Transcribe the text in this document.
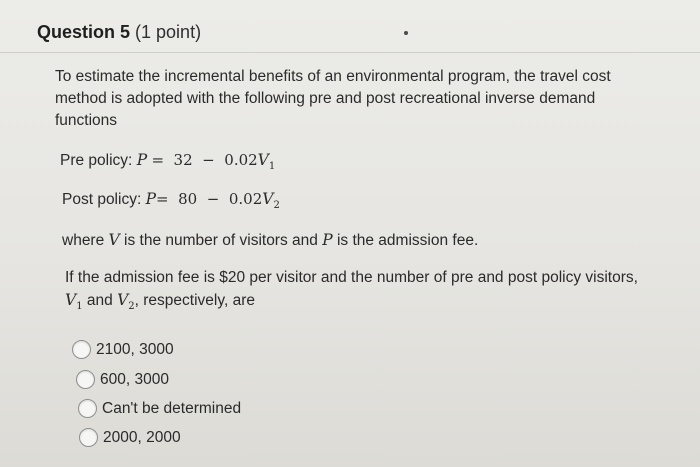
Question 5 (1 point)
To estimate the incremental benefits of an environmental program, the travel cost method is adopted with the following pre and post recreational inverse demand functions
Pre policy: $P = 32 - 0.02V_1$
Post policy: $P= 80 - 0.02V_2$
where V is the number of visitors and P is the admission fee.
If the admission fee is $20 per visitor and the number of pre and post policy visitors,
$V_1$ and $V_2$, respectively, are
2100, 3000
600, 3000
Can't be determined
2000, 2000
